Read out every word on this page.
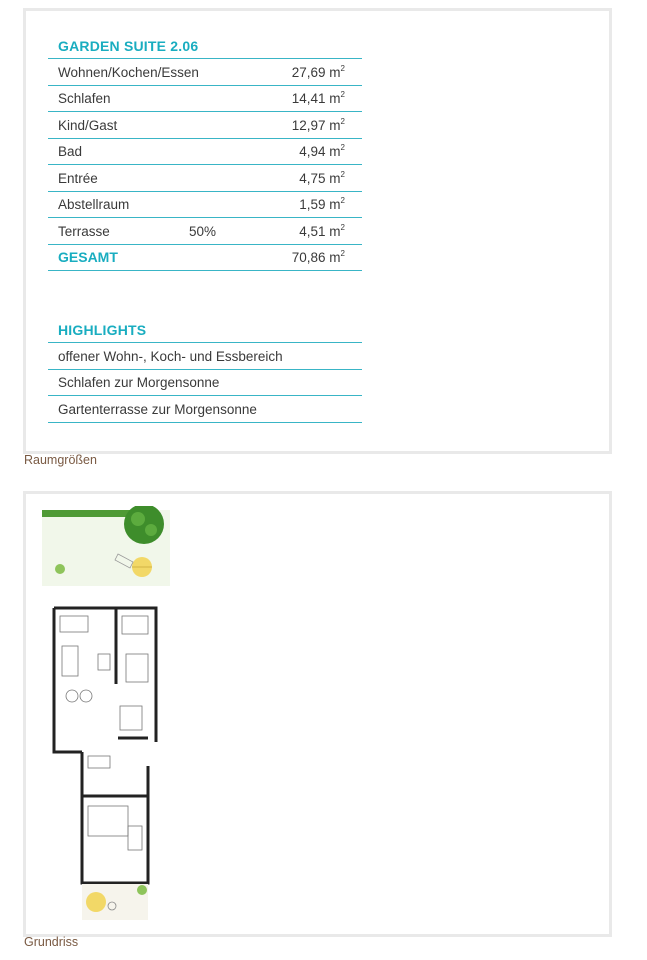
GARDEN SUITE 2.06
Wohnen/Kochen/Essen	27,69 $m^2$
Schlafen	14,41 $m^2$
Kind/Gast	12,97 $m^2$
Bad	4,94 $m^2$
Entrée	4,75 $m^2$
Abstellraum	1,59 $m^2$
Terrasse	50%	4,51 $m^2$
GESAMT	70,86 $m^2$
HIGHLIGHTS
offener Wohn-, Koch- und Essbereich
Schlafen zur Morgensonne
Gartenterrasse zur Morgensonne
Raumgrößen
Grundriss
